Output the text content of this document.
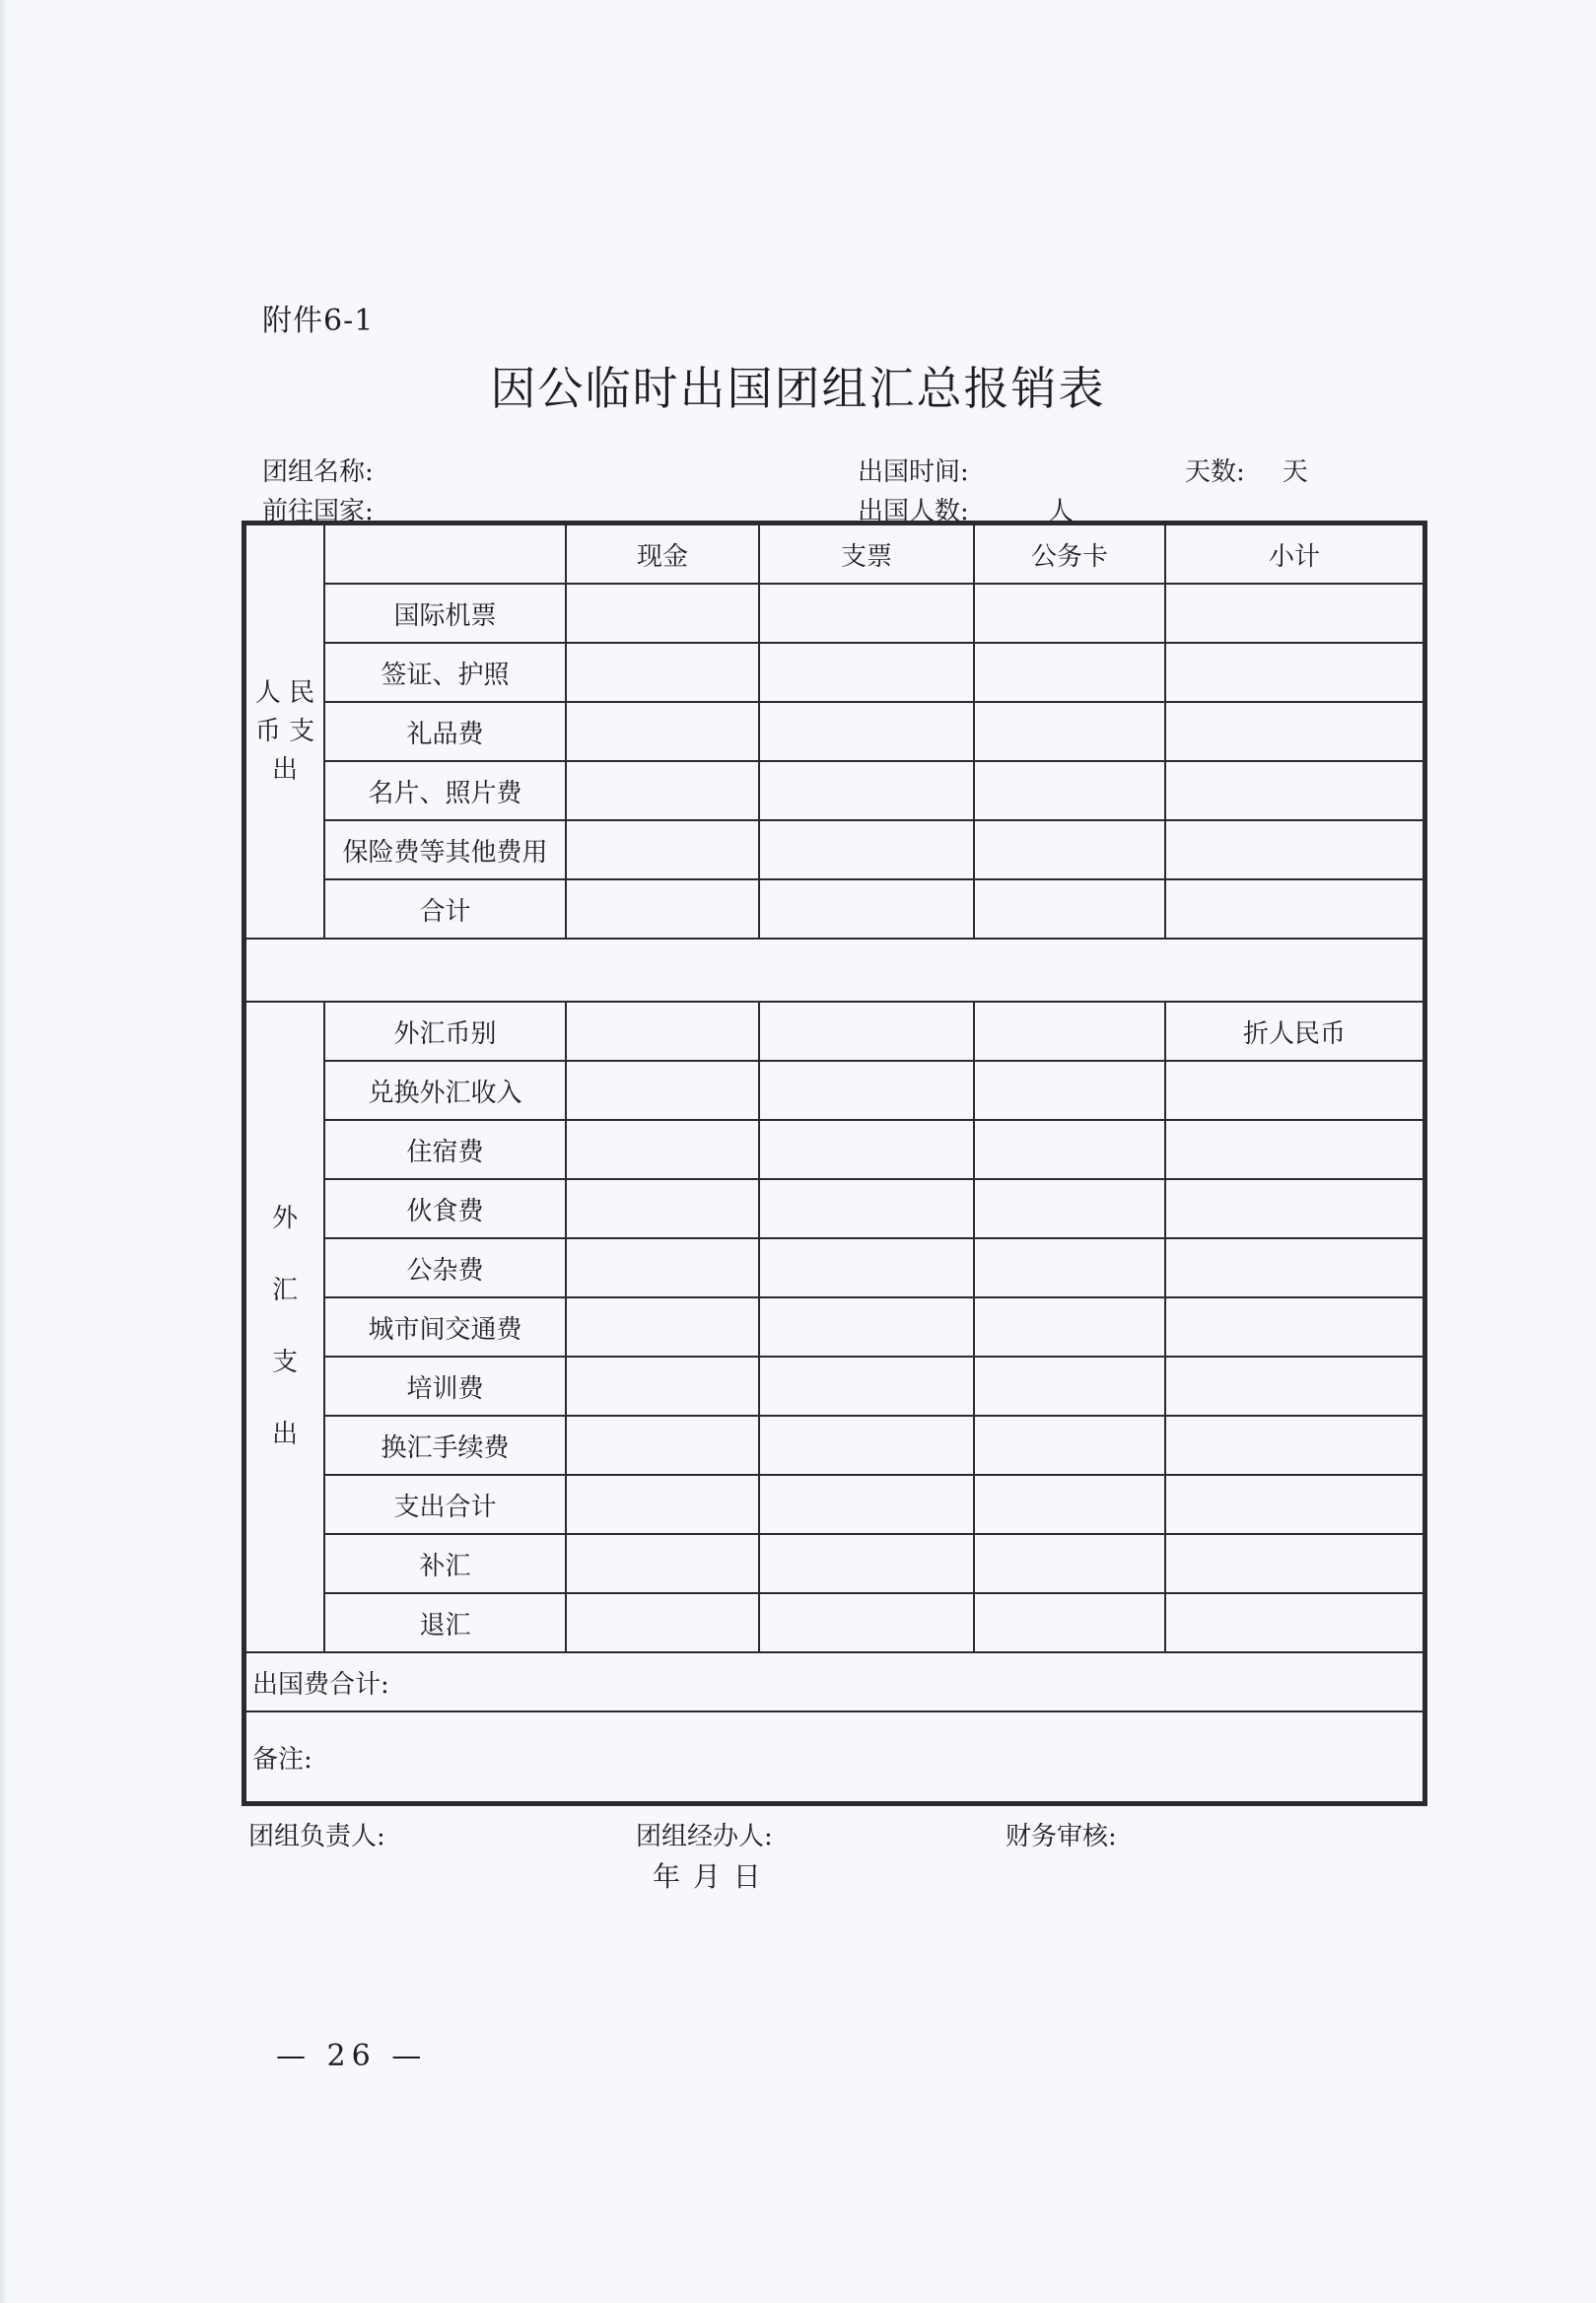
附件6-1
因公临时出国团组汇总报销表
团组名称:
前往国家:
出国时间:
出国人数:	人
天数: 天
人 民
币 支
出		现金	支票	公务卡	小计
	国际机票				
	签证、护照				
	礼品费				
	名片、照片费				
	保险费等其他费用				
	合计				

外
汇
支
出	外汇币别				折人民币
	兑换外汇收入				
	住宿费				
	伙食费				
	公杂费				
	城市间交通费				
	培训费				
	换汇手续费				
	支出合计				
	补汇				
	退汇				
出国费合计:					
备注:					
团组负责人:	团组经办人:	财务审核:
年 月 日
— 26 —
